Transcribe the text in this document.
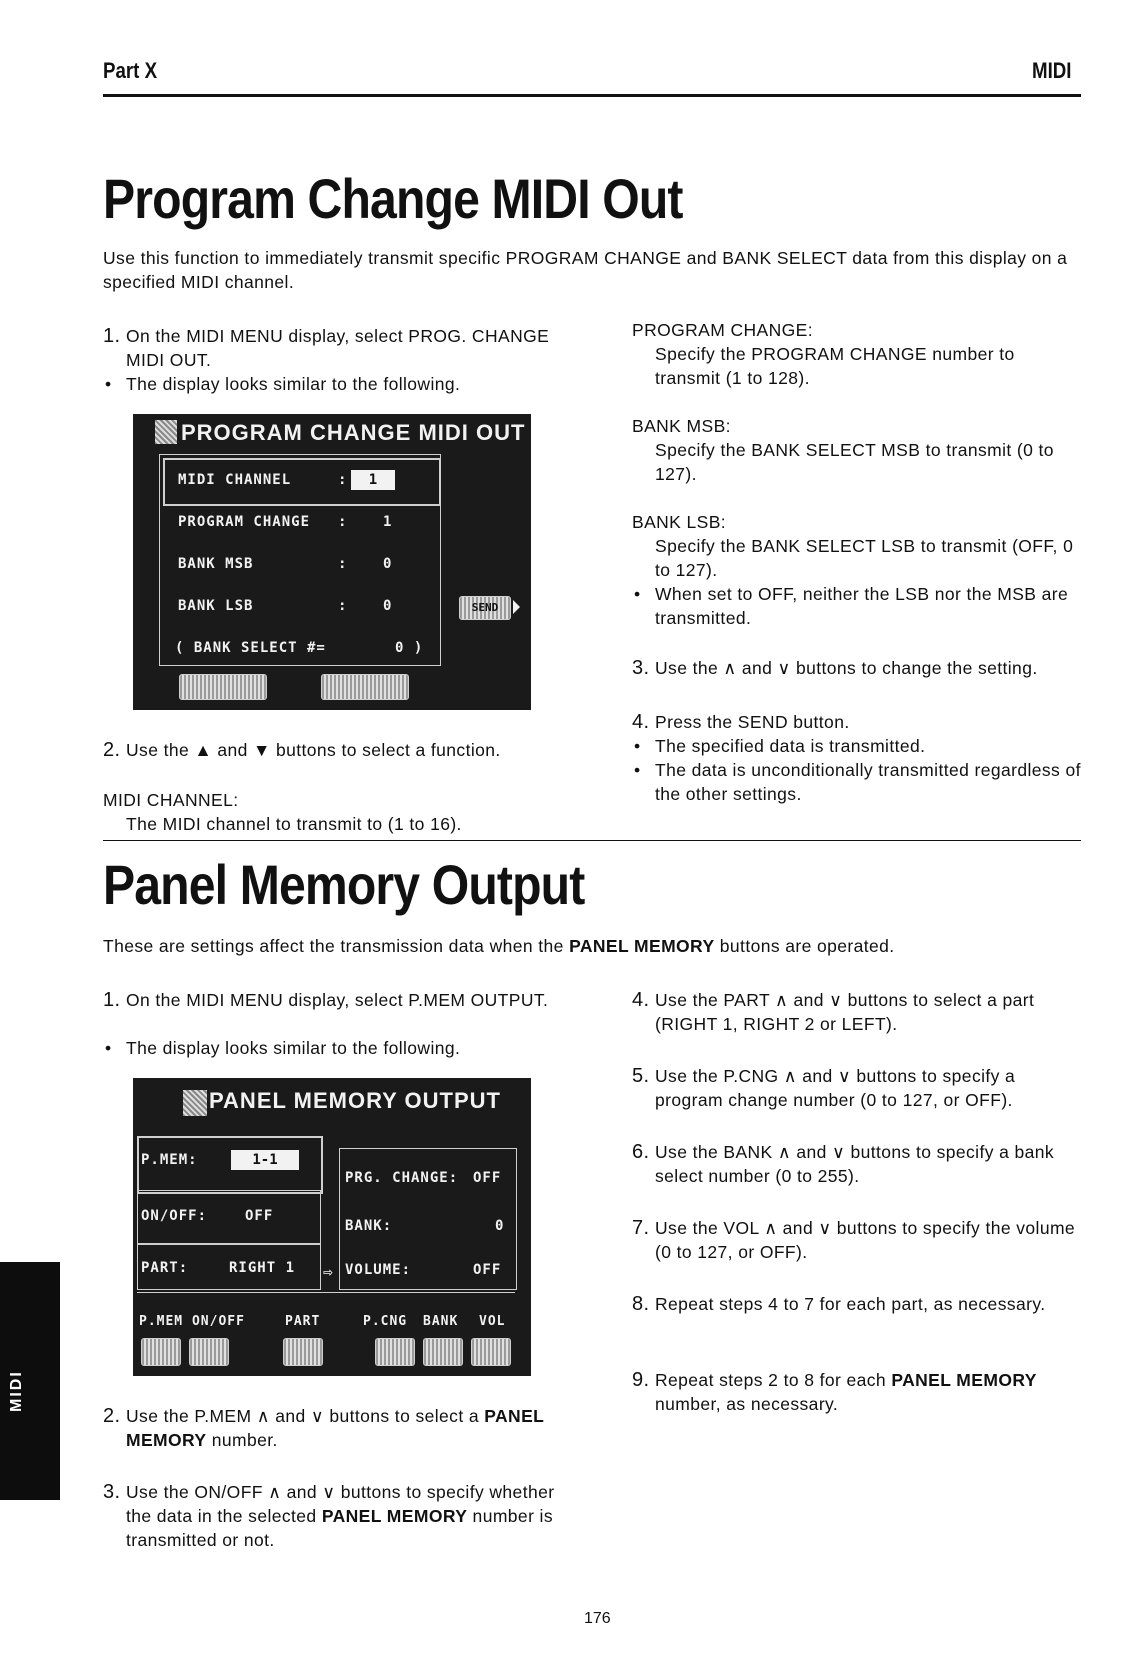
Part X	MIDI
Program Change MIDI Out
Use this function to immediately transmit specific PROGRAM CHANGE and BANK SELECT data from this display on a specified MIDI channel.
1. On the MIDI MENU display, select PROG. CHANGE MIDI OUT.
• The display looks similar to the following.
PROGRAM CHANGE MIDI OUT
MIDI CHANNEL	:	1
PROGRAM CHANGE :	1
BANK MSB	:	0
BANK LSB	:	0
( BANK SELECT #=	0 )
SEND
2. Use the ▲ and ▼ buttons to select a function.
MIDI CHANNEL:
The MIDI channel to transmit to (1 to 16).
PROGRAM CHANGE:
Specify the PROGRAM CHANGE number to transmit (1 to 128).
BANK MSB:
Specify the BANK SELECT MSB to transmit (0 to 127).
BANK LSB:
Specify the BANK SELECT LSB to transmit (OFF, 0 to 127).
• When set to OFF, neither the LSB nor the MSB are transmitted.
3. Use the ∧ and ∨ buttons to change the setting.
4. Press the SEND button.
• The specified data is transmitted.
• The data is unconditionally transmitted regardless of the other settings.
Panel Memory Output
These are settings affect the transmission data when the PANEL MEMORY buttons are operated.
1. On the MIDI MENU display, select P.MEM OUTPUT.
• The display looks similar to the following.
PANEL MEMORY OUTPUT
P.MEM:	1-1
ON/OFF:	OFF
PART:	RIGHT 1 ⇨
PRG. CHANGE: OFF
BANK:	0
VOLUME:	OFF
P.MEM ON/OFF	PART	P.CNG BANK VOL
2. Use the P.MEM ∧ and ∨ buttons to select a PANEL MEMORY number.
3. Use the ON/OFF ∧ and ∨ buttons to specify whether the data in the selected PANEL MEMORY number is transmitted or not.
4. Use the PART ∧ and ∨ buttons to select a part (RIGHT 1, RIGHT 2 or LEFT).
5. Use the P.CNG ∧ and ∨ buttons to specify a program change number (0 to 127, or OFF).
6. Use the BANK ∧ and ∨ buttons to specify a bank select number (0 to 255).
7. Use the VOL ∧ and ∨ buttons to specify the volume (0 to 127, or OFF).
8. Repeat steps 4 to 7 for each part, as necessary.
9. Repeat steps 2 to 8 for each PANEL MEMORY number, as necessary.
MIDI
176
